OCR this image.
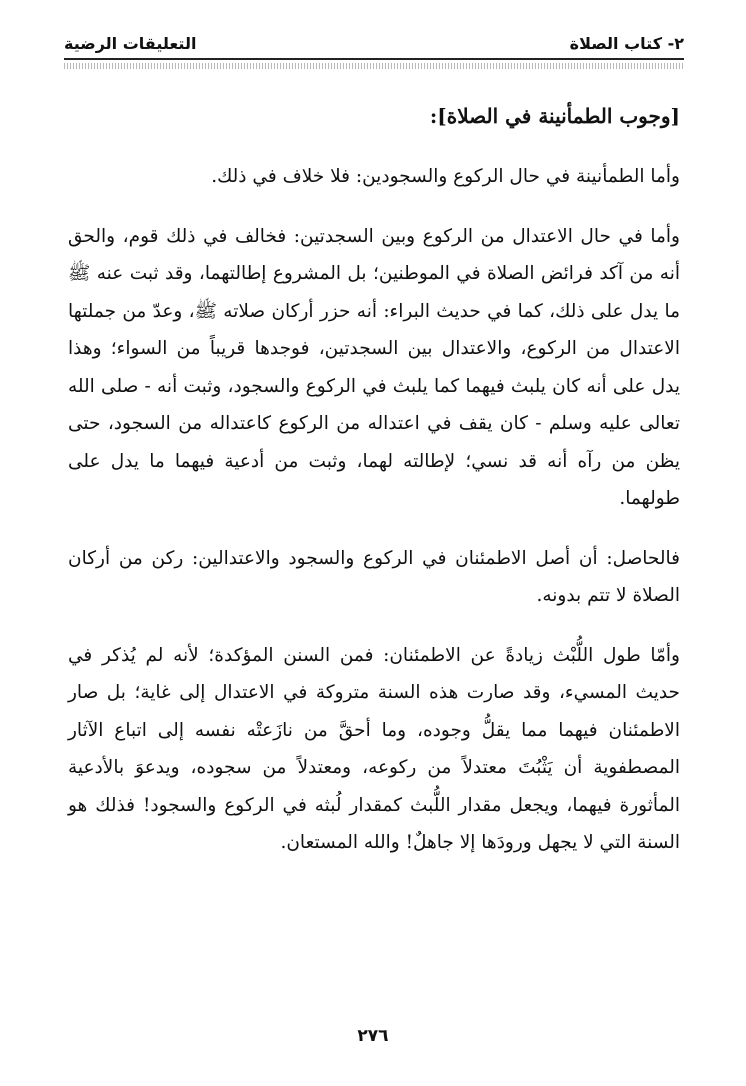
٢- كتاب الصلاة
التعليقات الرضية

[وجوب الطمأنينة في الصلاة]:

وأما الطمأنينة في حال الركوع والسجودين: فلا خلاف في ذلك.

وأما في حال الاعتدال من الركوع وبين السجدتين: فخالف في ذلك قوم، والحق أنه من آكد فرائض الصلاة في الموطنين؛ بل المشروع إطالتهما، وقد ثبت عنه ﷺ ما يدل على ذلك، كما في حديث البراء: أنه حزر أركان صلاته ﷺ، وعدّ من جملتها الاعتدال من الركوع، والاعتدال بين السجدتين، فوجدها قريباً من السواء؛ وهذا يدل على أنه كان يلبث فيهما كما يلبث في الركوع والسجود، وثبت أنه - صلى الله تعالى عليه وسلم - كان يقف في اعتداله من الركوع كاعتداله من السجود، حتى يظن من رآه أنه قد نسي؛ لإطالته لهما، وثبت من أدعية فيهما ما يدل على طولهما.

فالحاصل: أن أصل الاطمئنان في الركوع والسجود والاعتدالين: ركن من أركان الصلاة لا تتم بدونه.

وأمّا طول اللُّبْث زيادةً عن الاطمئنان: فمن السنن المؤكدة؛ لأنه لم يُذكر في حديث المسيء، وقد صارت هذه السنة متروكة في الاعتدال إلى غاية؛ بل صار الاطمئنان فيهما مما يقلُّ وجوده، وما أحقَّ من نازَعتْه نفسه إلى اتباع الآثار المصطفوية أن يَثْبُتَ معتدلاً من ركوعه، ومعتدلاً من سجوده، ويدعوَ بالأدعية المأثورة فيهما، ويجعل مقدار اللُّبث كمقدار لُبثه في الركوع والسجود! فذلك هو السنة التي لا يجهل ورودَها إلا جاهلٌ! والله المستعان.

٢٧٦
